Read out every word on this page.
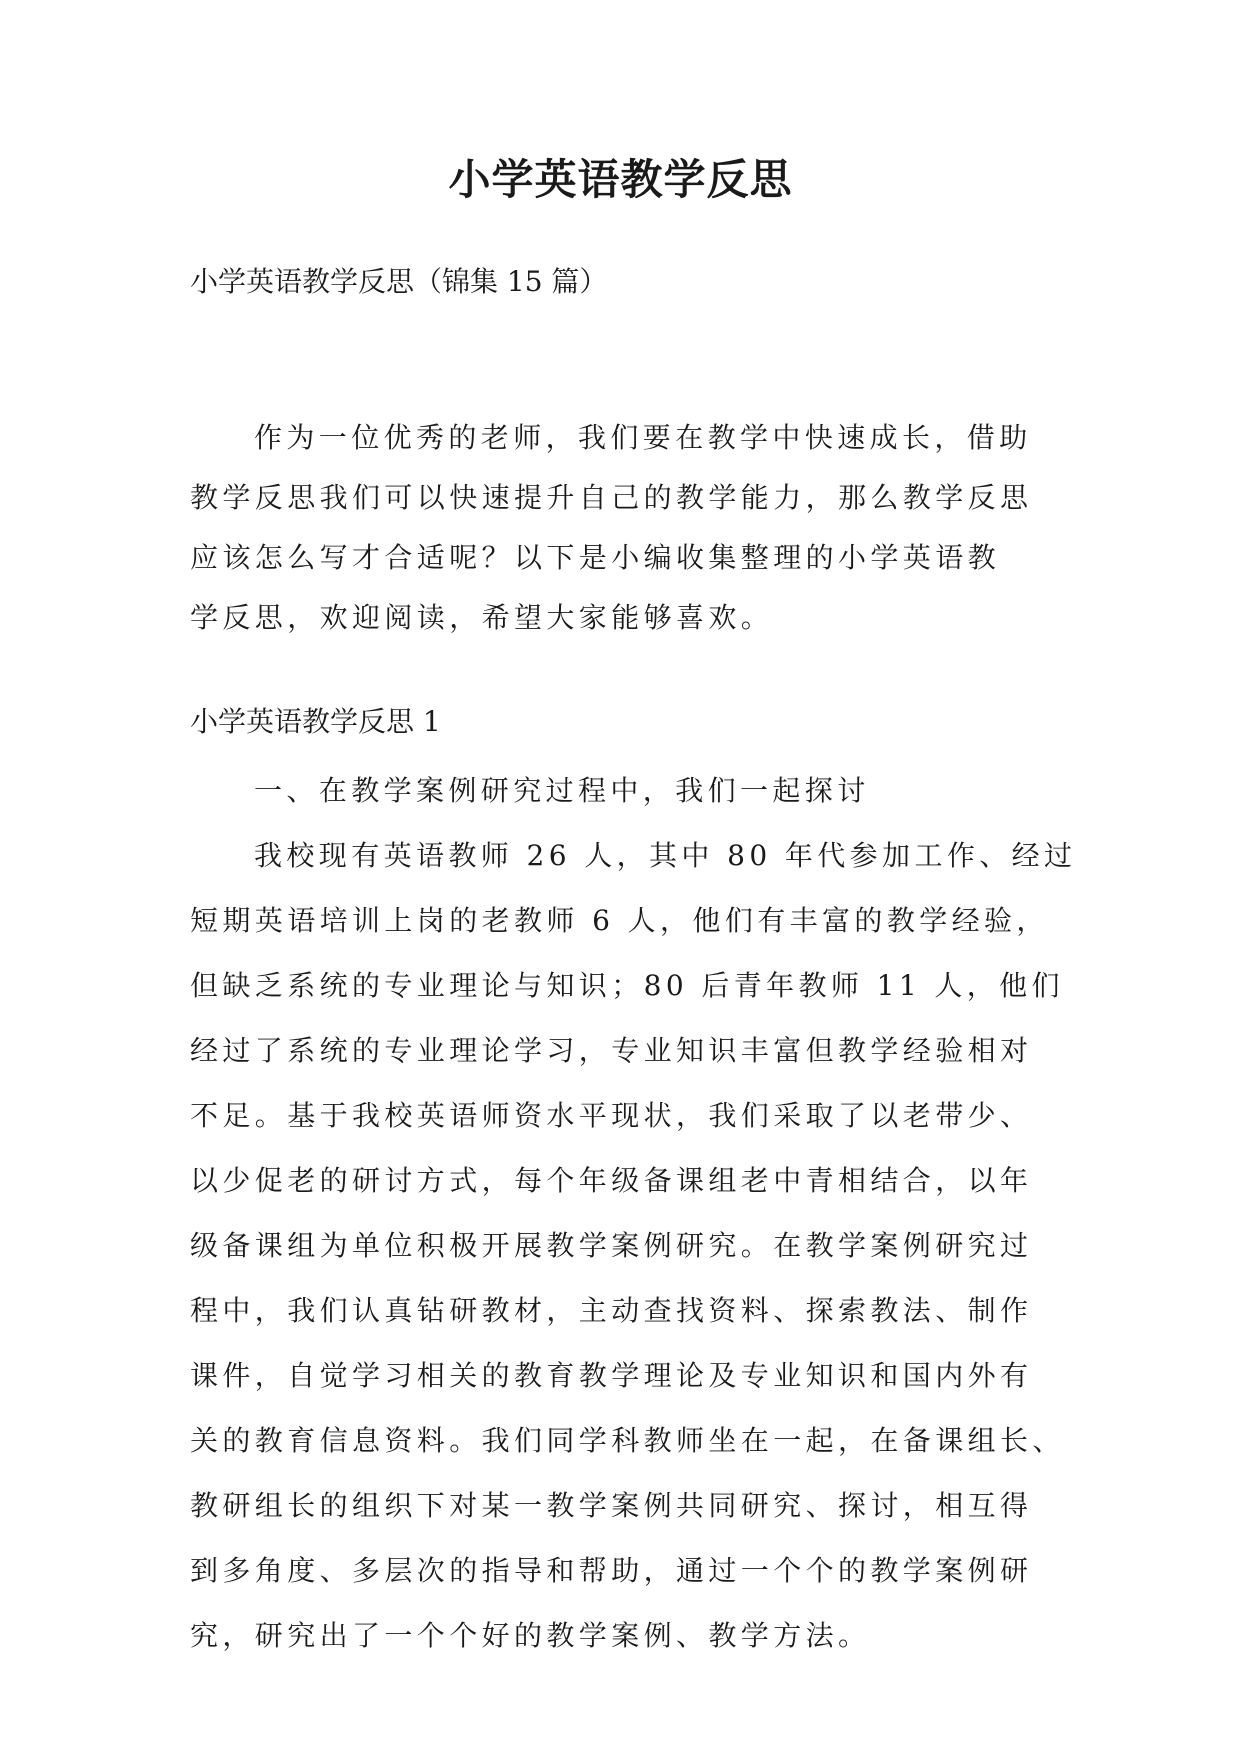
小学英语教学反思

小学英语教学反思（锦集 15 篇）

作为一位优秀的老师，我们要在教学中快速成长，借助
教学反思我们可以快速提升自己的教学能力，那么教学反思
应该怎么写才合适呢？以下是小编收集整理的小学英语教
学反思，欢迎阅读，希望大家能够喜欢。

小学英语教学反思 1

一、在教学案例研究过程中，我们一起探讨
我校现有英语教师 26 人，其中 80 年代参加工作、经过
短期英语培训上岗的老教师 6 人，他们有丰富的教学经验，
但缺乏系统的专业理论与知识；80 后青年教师 11 人，他们
经过了系统的专业理论学习，专业知识丰富但教学经验相对
不足。基于我校英语师资水平现状，我们采取了以老带少、
以少促老的研讨方式，每个年级备课组老中青相结合，以年
级备课组为单位积极开展教学案例研究。在教学案例研究过
程中，我们认真钻研教材，主动查找资料、探索教法、制作
课件，自觉学习相关的教育教学理论及专业知识和国内外有
关的教育信息资料。我们同学科教师坐在一起，在备课组长、
教研组长的组织下对某一教学案例共同研究、探讨，相互得
到多角度、多层次的指导和帮助，通过一个个的教学案例研
究，研究出了一个个好的教学案例、教学方法。
